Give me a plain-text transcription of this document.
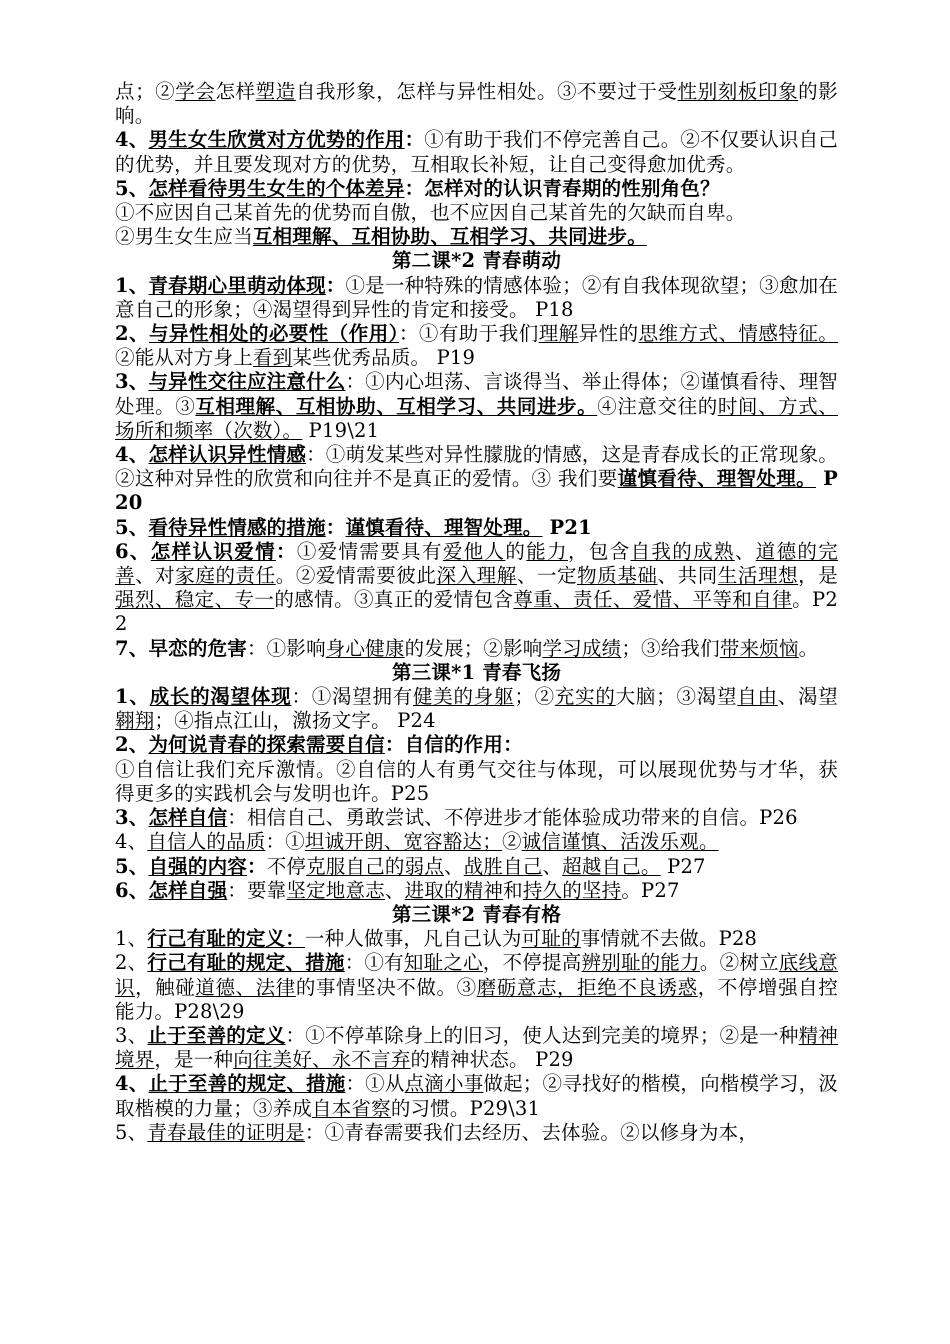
点；②学会怎样塑造自我形象，怎样与异性相处。③不要过于受性别刻板印象的影响。

4、男生女生欣赏对方优势的作用：①有助于我们不停完善自己。②不仅要认识自己的优势，并且要发现对方的优势，互相取长补短，让自己变得愈加优秀。

5、怎样看待男生女生的个体差异：怎样对的认识青春期的性别角色？

①不应因自己某首先的优势而自傲，也不应因自己某首先的欠缺而自卑。

②男生女生应当互相理解、互相协助、互相学习、共同进步。

第二课*2 青春萌动

1、青春期心里萌动体现：①是一种特殊的情感体验；②有自我体现欲望；③愈加在意自己的形象；④渴望得到异性的肯定和接受。 P18

2、与异性相处的必要性（作用）：①有助于我们理解异性的思维方式、情感特征。②能从对方身上看到某些优秀品质。 P19

3、与异性交往应注意什么：①内心坦荡、言谈得当、举止得体；②谨慎看待、理智处理。③互相理解、互相协助、互相学习、共同进步。④注意交往的时间、方式、场所和频率（次数）。 P19\21

4、怎样认识异性情感：①萌发某些对异性朦胧的情感，这是青春成长的正常现象。②这种对异性的欣赏和向往并不是真正的爱情。③ 我们要谨慎看待、理智处理。 P20

5、看待异性情感的措施：谨慎看待、理智处理。 P21

6、怎样认识爱情：①爱情需要具有爱他人的能力，包含自我的成熟、道德的完善、对家庭的责任。②爱情需要彼此深入理解、一定物质基础、共同生活理想，是强烈、稳定、专一的感情。③真正的爱情包含尊重、责任、爱惜、平等和自律。P22

7、早恋的危害：①影响身心健康的发展；②影响学习成绩；③给我们带来烦恼。

第三课*1 青春飞扬

1、成长的渴望体现：①渴望拥有健美的身躯；②充实的大脑；③渴望自由、渴望翱翔；④指点江山，激扬文字。 P24

2、为何说青春的探索需要自信：自信的作用：

①自信让我们充斥激情。②自信的人有勇气交往与体现，可以展现优势与才华，获得更多的实践机会与发明也许。P25

3、怎样自信：相信自己、勇敢尝试、不停进步才能体验成功带来的自信。P26

4、自信人的品质：①坦诚开朗、宽容豁达；②诚信谨慎、活泼乐观。

5、自强的内容：不停克服自己的弱点、战胜自己、超越自己。 P27

6、怎样自强：要靠坚定地意志、进取的精神和持久的坚持。P27

第三课*2 青春有格

1、行己有耻的定义：一种人做事，凡自己认为可耻的事情就不去做。P28

2、行己有耻的规定、措施：①有知耻之心，不停提高辨别耻的能力。②树立底线意识，触碰道德、法律的事情坚决不做。③磨砺意志，拒绝不良诱惑，不停增强自控能力。P28\29

3、止于至善的定义：①不停革除身上的旧习，使人达到完美的境界；②是一种精神境界，是一种向往美好、永不言弃的精神状态。 P29

4、止于至善的规定、措施：①从点滴小事做起；②寻找好的楷模，向楷模学习，汲取楷模的力量；③养成自本省察的习惯。P29\31

5、青春最佳的证明是：①青春需要我们去经历、去体验。②以修身为本，
